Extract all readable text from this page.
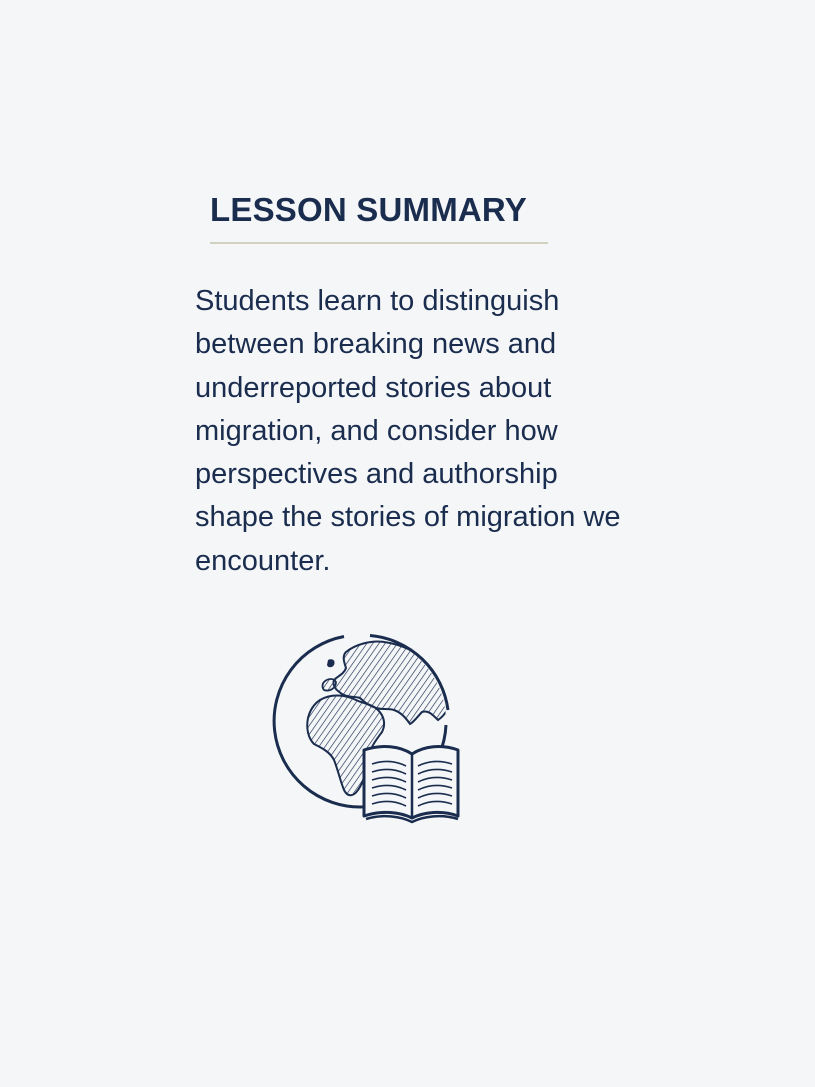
LESSON SUMMARY

Students learn to distinguish between breaking news and underreported stories about migration, and consider how perspectives and authorship shape the stories of migration we encounter.
